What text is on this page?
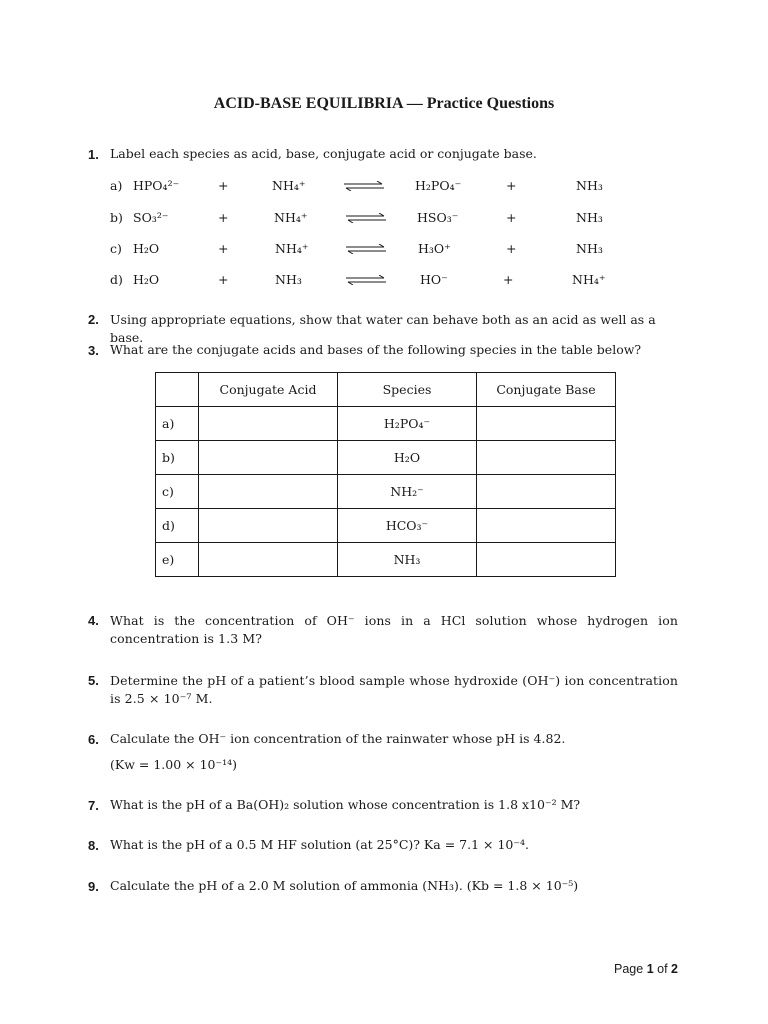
ACID-BASE EQUILIBRIA — Practice Questions
1. Label each species as acid, base, conjugate acid or conjugate base.
a) HPO₄²⁻	+	NH₄⁺	H₂PO₄⁻	+	NH₃
b) SO₃²⁻	+	NH₄⁺	HSO₃⁻	+	NH₃
c) H₂O	+	NH₄⁺	H₃O⁺	+	NH₃
d) H₂O	+	NH₃	HO⁻	+	NH₄⁺
2. Using appropriate equations, show that water can behave both as an acid as well as a base.
3. What are the conjugate acids and bases of the following species in the table below?
	Conjugate Acid	Species	Conjugate Base
a)		H₂PO₄⁻	
b)		H₂O	
c)		NH₂⁻	
d)		HCO₃⁻	
e)		NH₃	
4. What is the concentration of OH⁻ ions in a HCl solution whose hydrogen ion concentration is 1.3 M?
5. Determine the pH of a patient’s blood sample whose hydroxide (OH⁻) ion concentration is 2.5 × 10⁻⁷ M.
6. Calculate the OH⁻ ion concentration of the rainwater whose pH is 4.82.
(Kw = 1.00 × 10⁻¹⁴)
7. What is the pH of a Ba(OH)₂ solution whose concentration is 1.8 x10⁻² M?
8. What is the pH of a 0.5 M HF solution (at 25°C)? Ka = 7.1 × 10⁻⁴.
9. Calculate the pH of a 2.0 M solution of ammonia (NH₃). (Kb = 1.8 × 10⁻⁵)
Page 1 of 2
